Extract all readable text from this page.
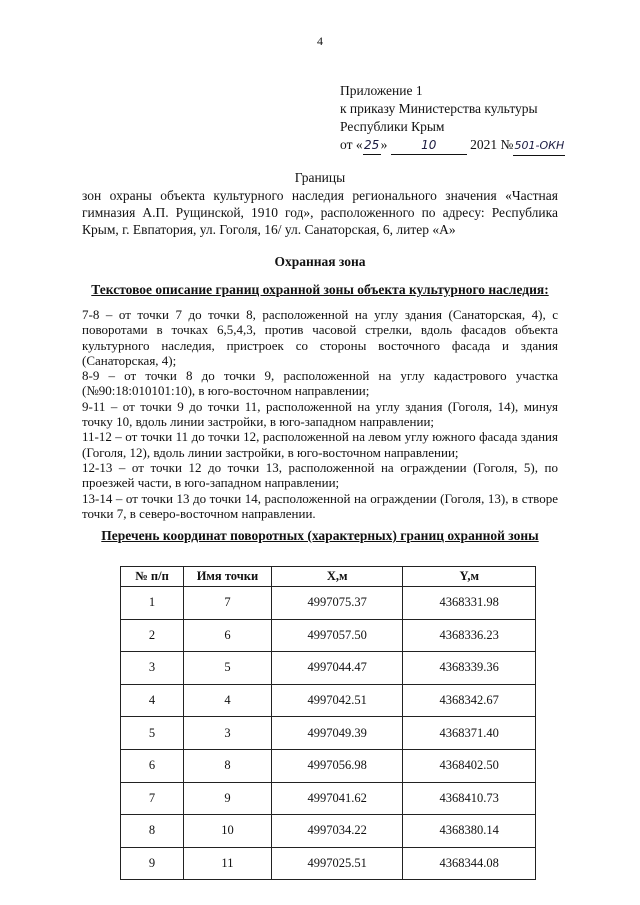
4
Приложение 1
к приказу Министерства культуры
Республики Крым
от «25»	10 2021 №501-ОКН
Границы
зон охраны объекта культурного наследия регионального значения «Частная гимназия А.П. Рущинской, 1910 год», расположенного по адресу: Республика Крым, г. Евпатория, ул. Гоголя, 16/ ул. Санаторская, 6, литер «А»
Охранная зона
Текстовое описание границ охранной зоны объекта культурного наследия:

7-8 – от точки 7 до точки 8, расположенной на углу здания (Санаторская, 4), с поворотами в точках 6,5,4,3, против часовой стрелки, вдоль фасадов объекта культурного наследия, пристроек со стороны восточного фасада и здания (Санаторская, 4);

8-9 – от точки 8 до точки 9, расположенной на углу кадастрового участка (№90:18:010101:10), в юго-восточном направлении;

9-11 – от точки 9 до точки 11, расположенной на углу здания (Гоголя, 14), минуя точку 10, вдоль линии застройки, в юго-западном направлении;

11-12 – от точки 11 до точки 12, расположенной на левом углу южного фасада здания (Гоголя, 12), вдоль линии застройки, в юго-восточном направлении;

12-13 – от точки 12 до точки 13, расположенной на ограждении (Гоголя, 5), по проезжей части, в юго-западном направлении;

13-14 – от точки 13 до точки 14, расположенной на ограждении (Гоголя, 13), в створе точки 7, в северо-восточном направлении.

Перечень координат поворотных (характерных) границ охранной зоны
№ п/п	Имя точки	X,м	Y,м
1	7	4997075.37	4368331.98
2	6	4997057.50	4368336.23
3	5	4997044.47	4368339.36
4	4	4997042.51	4368342.67
5	3	4997049.39	4368371.40
6	8	4997056.98	4368402.50
7	9	4997041.62	4368410.73
8	10	4997034.22	4368380.14
9	11	4997025.51	4368344.08
